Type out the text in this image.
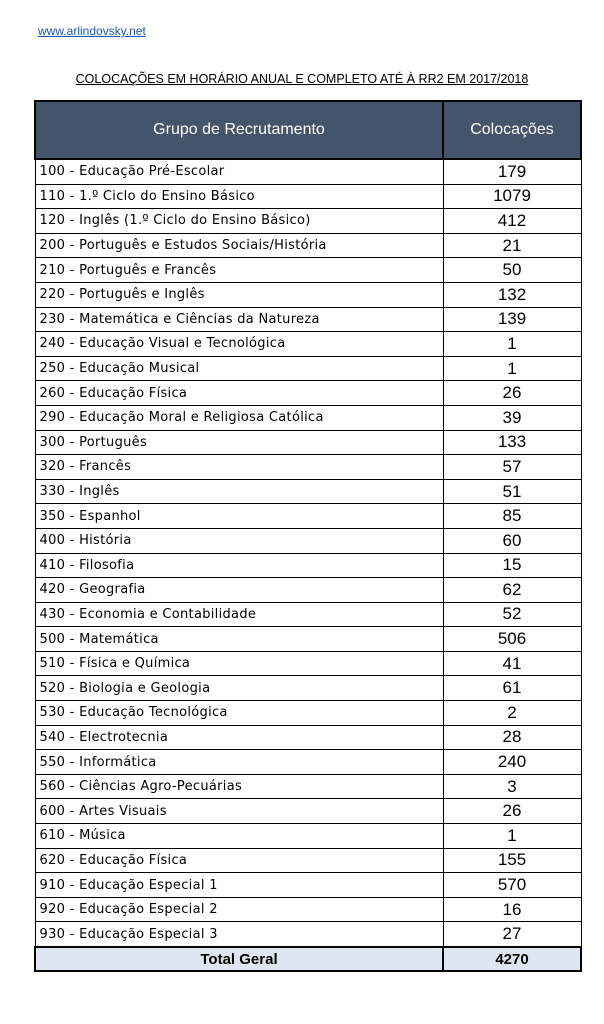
www.arlindovsky.net
COLOCAÇÕES EM HORÁRIO ANUAL E COMPLETO ATÉ À RR2 EM 2017/2018
Grupo de Recrutamento	Colocações
100 - Educação Pré-Escolar	179
110 - 1.º Ciclo do Ensino Básico	1079
120 - Inglês (1.º Ciclo do Ensino Básico)	412
200 - Português e Estudos Sociais/História	21
210 - Português e Francês	50
220 - Português e Inglês	132
230 - Matemática e Ciências da Natureza	139
240 - Educação Visual e Tecnológica	1
250 - Educação Musical	1
260 - Educação Física	26
290 - Educação Moral e Religiosa Católica	39
300 - Português	133
320 - Francês	57
330 - Inglês	51
350 - Espanhol	85
400 - História	60
410 - Filosofia	15
420 - Geografia	62
430 - Economia e Contabilidade	52
500 - Matemática	506
510 - Física e Química	41
520 - Biologia e Geologia	61
530 - Educação Tecnológica	2
540 - Electrotecnia	28
550 - Informática	240
560 - Ciências Agro-Pecuárias	3
600 - Artes Visuais	26
610 - Música	1
620 - Educação Física	155
910 - Educação Especial 1	570
920 - Educação Especial 2	16
930 - Educação Especial 3	27
Total Geral	4270
